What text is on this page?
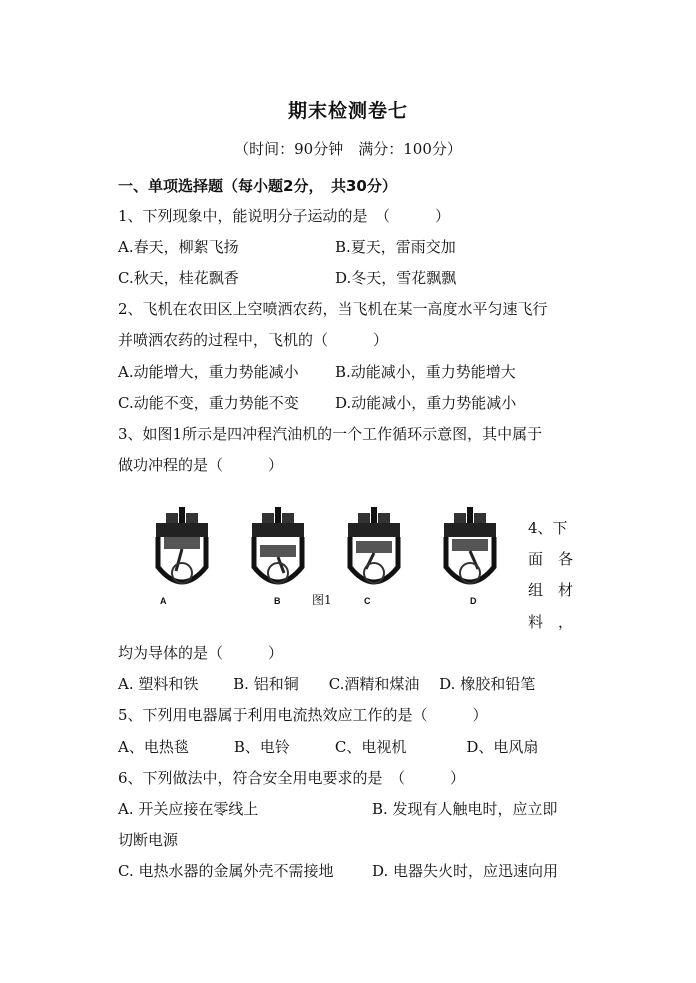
期末检测卷七
（时间：90分钟　满分：100分）
一、单项选择题（每小题2分，　共30分）
1、下列现象中，能说明分子运动的是　（　　　）
A.春天，柳絮飞扬	B.夏天，雷雨交加
C.秋天，桂花飘香	D.冬天，雪花飘飘
2、飞机在农田区上空喷洒农药，当飞机在某一高度水平匀速飞行
并喷洒农药的过程中，飞机的（　　　）
A.动能增大，重力势能减小 B.动能减小，重力势能增大
C.动能不变，重力势能不变 D.动能减小，重力势能减小
3、如图1所示是四冲程汽油机的一个工作循环示意图，其中属于
做功冲程的是（　　　）
A	B	图1	C	D
4、下
面　各
组　材
料　，
均为导体的是（　　　）
A. 塑料和铁　　 B. 铝和铜　　C.酒精和煤油　 D. 橡胶和铅笔
5、下列用电器属于利用电流热效应工作的是（　　　）
A、电热毯　　　B、电铃　　　C、电视机　　　　D、电风扇
6、下列做法中，符合安全用电要求的是　（　　　）
A. 开关应接在零线上	B. 发现有人触电时，应立即
切断电源
C. 电热水器的金属外壳不需接地	D. 电器失火时，应迅速向用
